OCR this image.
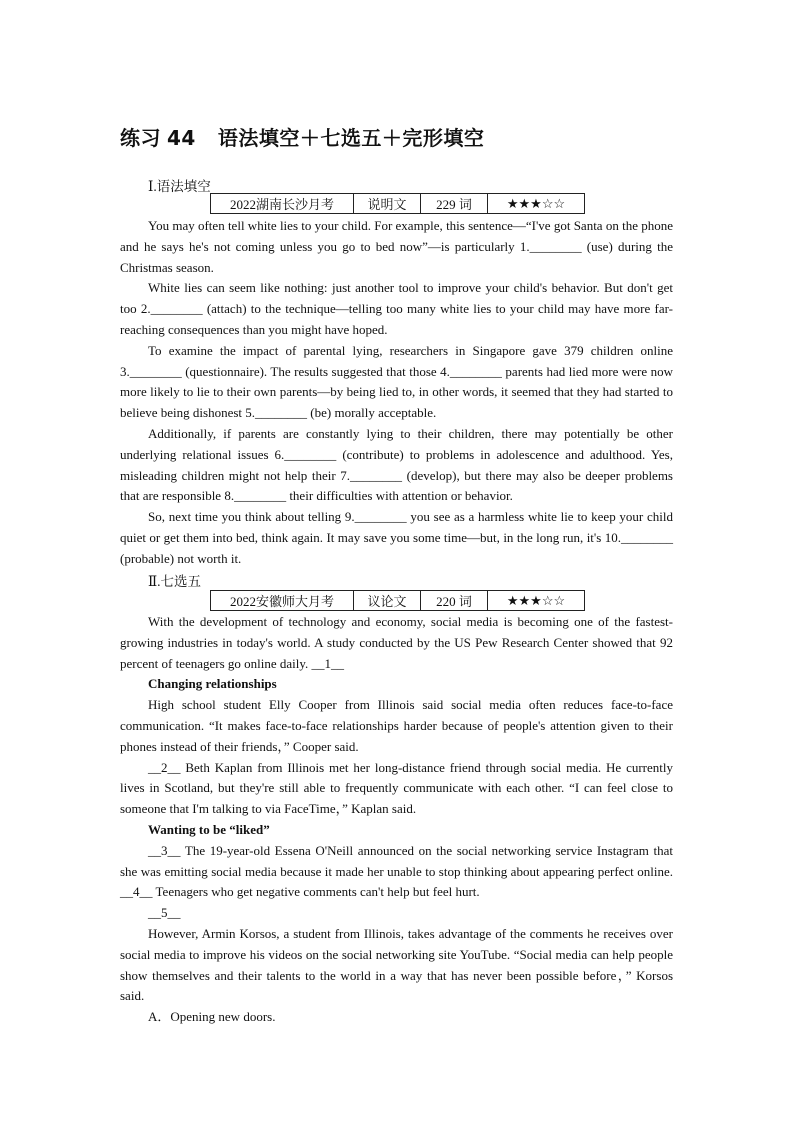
练习 44 语法填空＋七选五＋完形填空
Ⅰ.语法填空
2022湖南长沙月考	说明文	229 词	★★★☆☆

You may often tell white lies to your child. For example, this sentence—“I've got Santa on the phone and he says he's not coming unless you go to bed now”—is particularly 1.________ (use) during the Christmas season.

White lies can seem like nothing: just another tool to improve your child's behavior. But don't get too 2.________ (attach) to the technique—telling too many white lies to your child may have more far-reaching consequences than you might have hoped.

To examine the impact of parental lying, researchers in Singapore gave 379 children online 3.________ (questionnaire). The results suggested that those 4.________ parents had lied more were now more likely to lie to their own parents—by being lied to, in other words, it seemed that they had started to believe being dishonest 5.________ (be) morally acceptable.

Additionally, if parents are constantly lying to their children, there may potentially be other underlying relational issues 6.________ (contribute) to problems in adolescence and adulthood. Yes, misleading children might not help their 7.________ (develop), but there may also be deeper problems that are responsible 8.________ their difficulties with attention or behavior.

So, next time you think about telling 9.________ you see as a harmless white lie to keep your child quiet or get them into bed, think again. It may save you some time—but, in the long run, it's 10.________ (probable) not worth it.

Ⅱ.七选五
2022安徽师大月考	议论文	220 词	★★★☆☆

With the development of technology and economy, social media is becoming one of the fastest-growing industries in today's world. A study conducted by the US Pew Research Center showed that 92 percent of teenagers go online daily. __1__

Changing relationships

High school student Elly Cooper from Illinois said social media often reduces face-to-face communication. “It makes face-to-face relationships harder because of people's attention given to their phones instead of their friends，” Cooper said.

__2__ Beth Kaplan from Illinois met her long-distance friend through social media. He currently lives in Scotland, but they're still able to frequently communicate with each other. “I can feel close to someone that I'm talking to via FaceTime，” Kaplan said.

Wanting to be “liked”

__3__ The 19-year-old Essena O'Neill announced on the social networking service Instagram that she was emitting social media because it made her unable to stop thinking about appearing perfect online. __4__ Teenagers who get negative comments can't help but feel hurt.

__5__

However, Armin Korsos, a student from Illinois, takes advantage of the comments he receives over social media to improve his videos on the social networking site YouTube. “Social media can help people show themselves and their talents to the world in a way that has never been possible before，” Korsos said.

A．Opening new doors.
